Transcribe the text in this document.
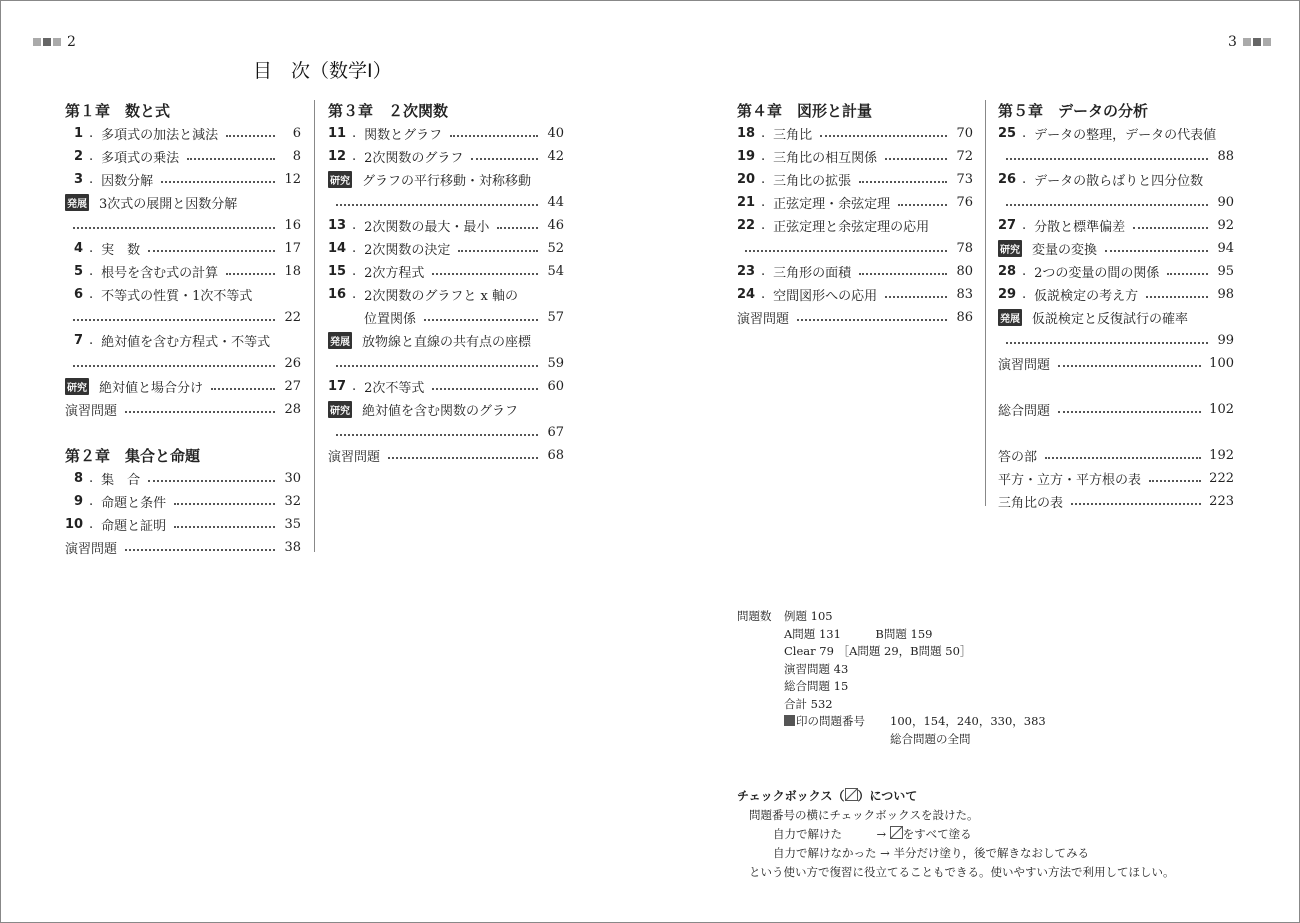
2	3
目　次（数学Ⅰ）
第１章　数と式
1 . 多項式の加法と減法	6
2 . 多項式の乗法	8
3 . 因数分解	12
発展 3次式の展開と因数分解
16
4 . 実　数	17
5 . 根号を含む式の計算	18
6 . 不等式の性質・1次不等式
22
7 . 絶対値を含む方程式・不等式
26
研究 絶対値と場合分け	27
演習問題	28
第２章　集合と命題
8 . 集　合	30
9 . 命題と条件	32
10 . 命題と証明	35
演習問題	38
第３章　２次関数
11 . 関数とグラフ	40
12 . 2次関数のグラフ	42
研究 グラフの平行移動・対称移動
44
13 . 2次関数の最大・最小	46
14 . 2次関数の決定	52
15 . 2次方程式	54
16 . 2次関数のグラフと x 軸の
位置関係	57
発展 放物線と直線の共有点の座標
59
17 . 2次不等式	60
研究 絶対値を含む関数のグラフ
67
演習問題	68
第４章　図形と計量
18 . 三角比	70
19 . 三角比の相互関係	72
20 . 三角比の拡張	73
21 . 正弦定理・余弦定理	76
22 . 正弦定理と余弦定理の応用
78
23 . 三角形の面積	80
24 . 空間図形への応用	83
演習問題	86
第５章　データの分析
25 . データの整理，データの代表値
88
26 . データの散らばりと四分位数
90
27 . 分散と標準偏差	92
研究 変量の変換	94
28 . 2つの変量の間の関係	95
29 . 仮説検定の考え方	98
発展 仮説検定と反復試行の確率
99
演習問題	100
総合問題	102
答の部	192
平方・立方・平方根の表	222
三角比の表	223
問題数 例題 105
A問題 131　　　B問題 159
Clear 79 ［A問題 29，B問題 50］
演習問題 43
総合問題 15
合計 532
印の問題番号	100，154，240，330，383
総合問題の全問
チェックボックス（ ）について
問題番号の横にチェックボックスを設けた。
自力で解けた　　　→ をすべて塗る
自力で解けなかった → 半分だけ塗り，後で解きなおしてみる
という使い方で復習に役立てることもできる。使いやすい方法で利用してほしい。
